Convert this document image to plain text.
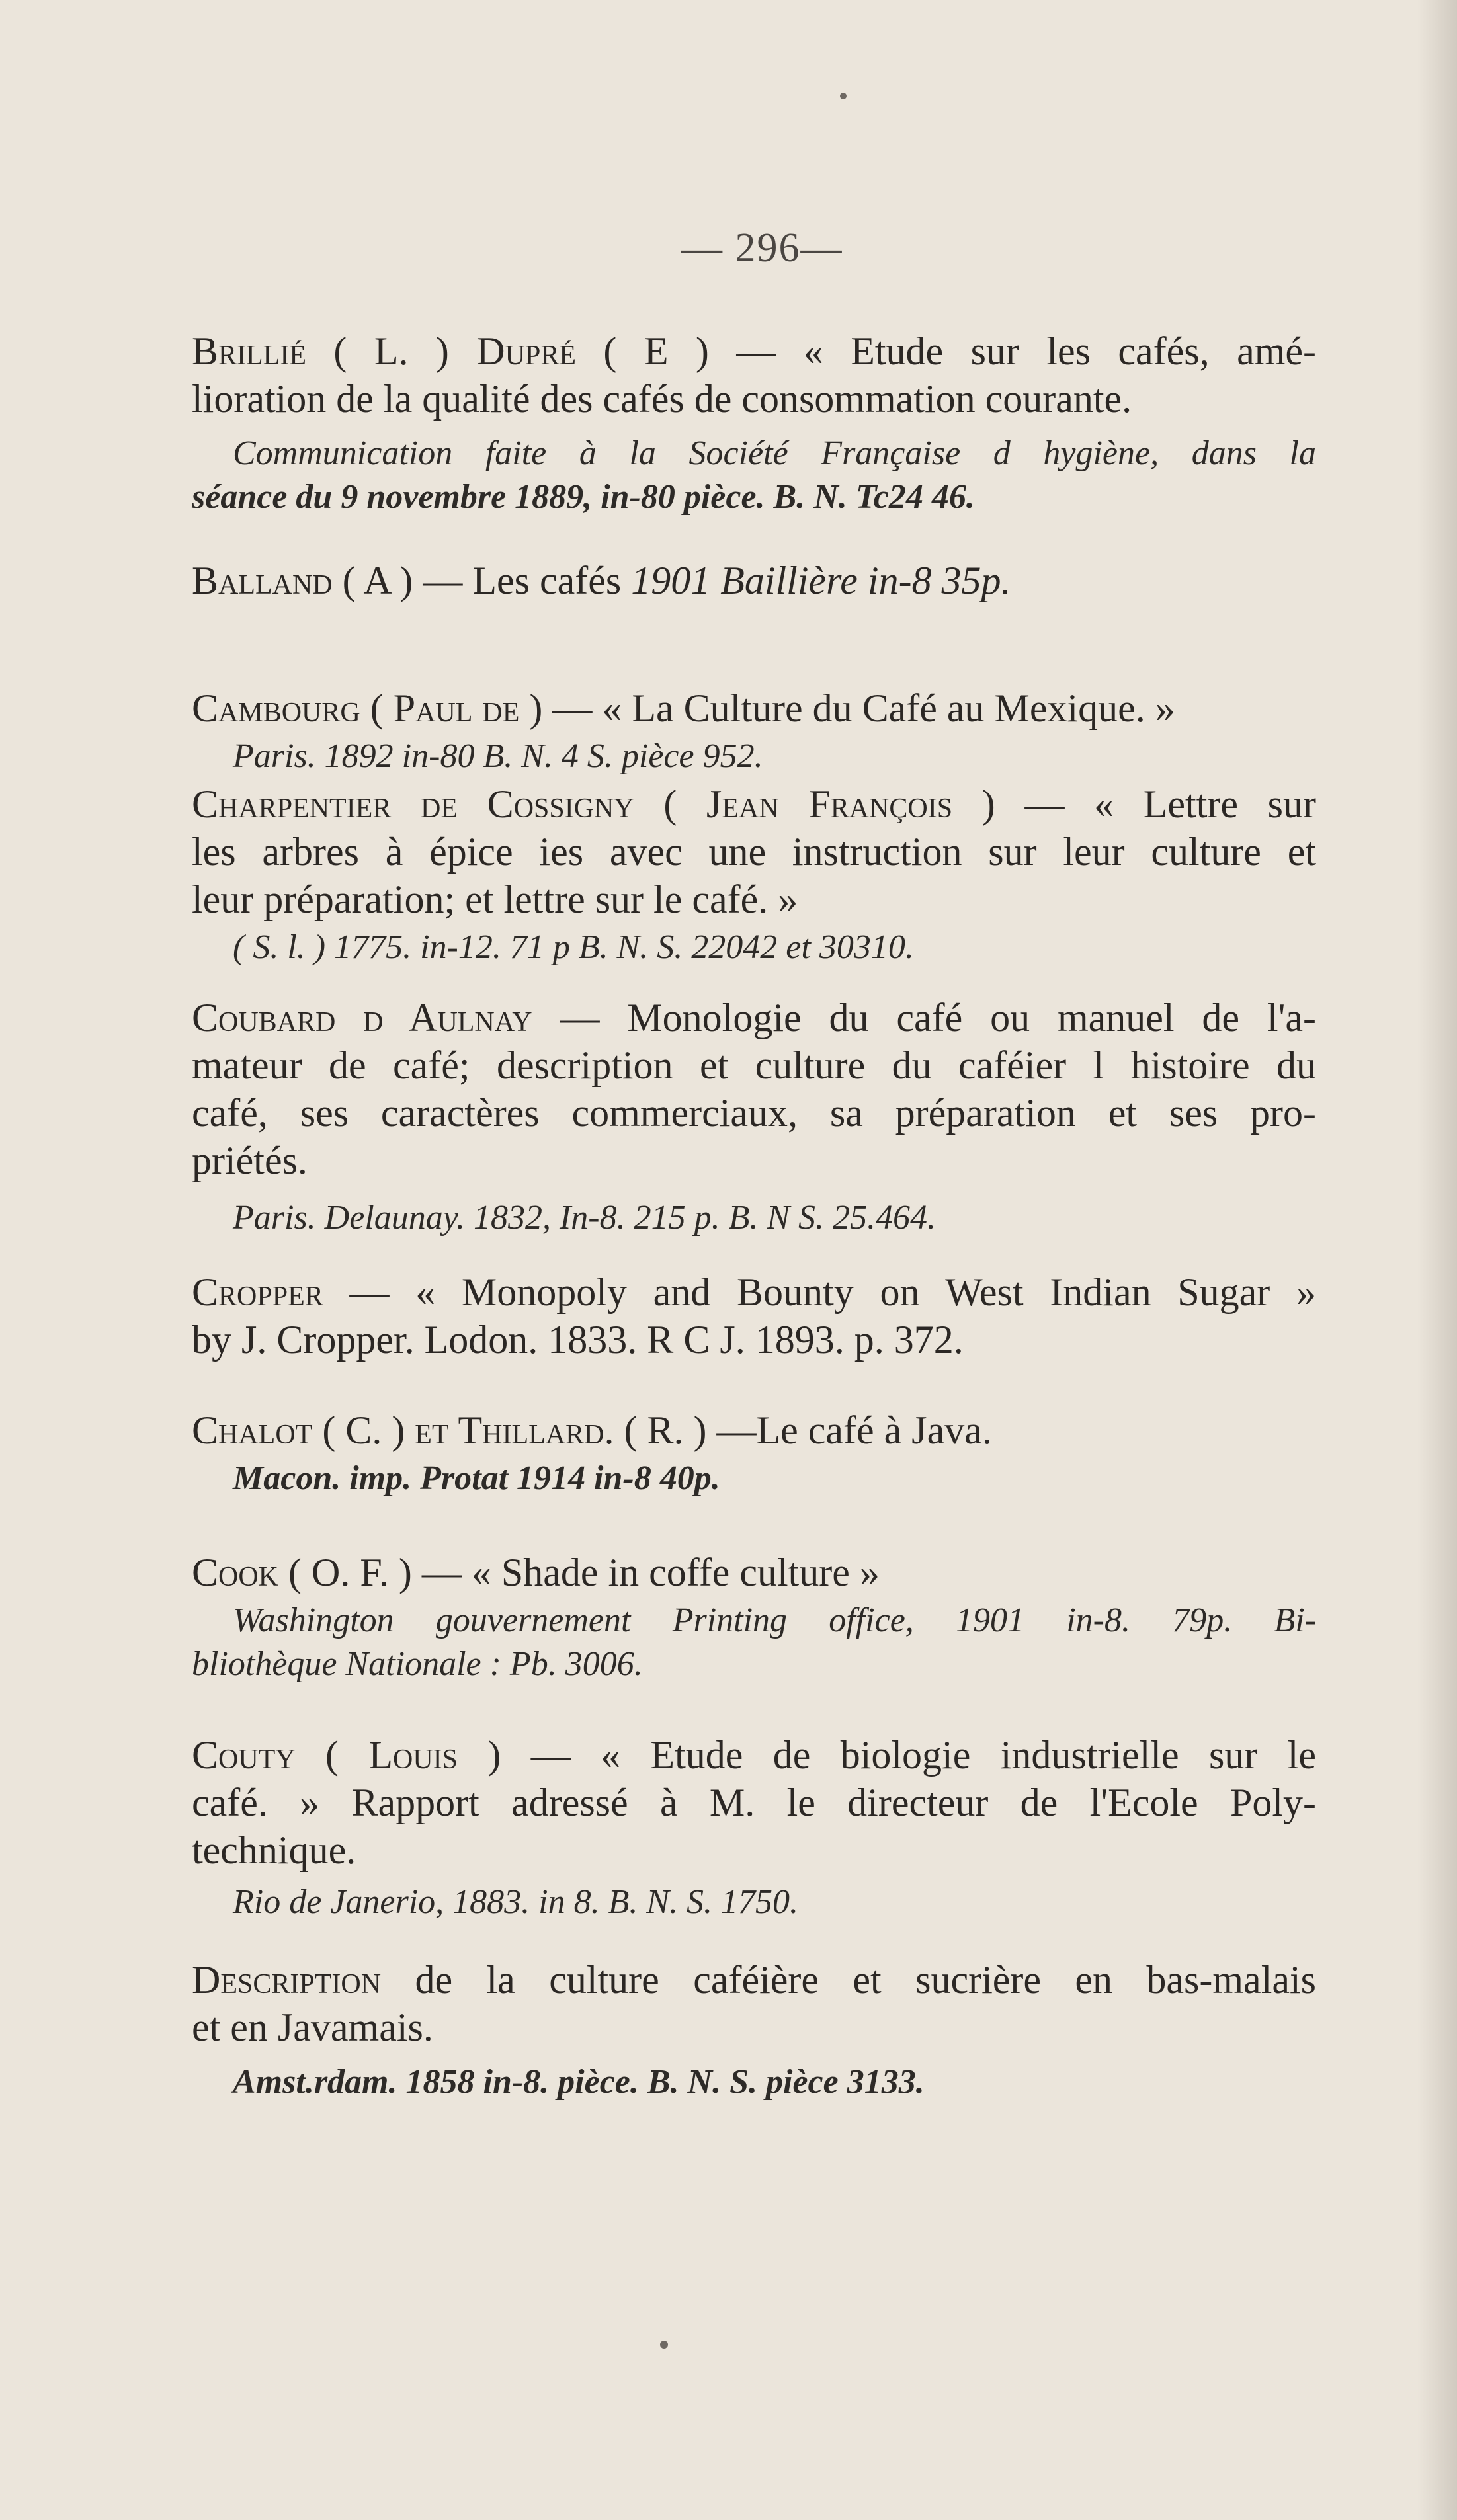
— 296—
Brillié ( L. ) Dupré ( E ) — « Etude sur les cafés, amé-
lioration de la qualité des cafés de consommation courante.
Communication faite à la Société Française d hygiène, dans la
séance du 9 novembre 1889, in-80 pièce. B. N. Tc24 46.
Balland ( A ) — Les cafés 1901 Baillière in-8 35p.
Cambourg ( Paul de ) — « La Culture du Café au Mexique. »
Paris. 1892 in-80 B. N. 4 S. pièce 952.
Charpentier de Cossigny ( Jean François ) — « Lettre sur
les arbres à épice ies avec une instruction sur leur culture et
leur préparation; et lettre sur le café. »
( S. l. ) 1775. in-12. 71 p B. N. S. 22042 et 30310.
Coubard d Aulnay — Monologie du café ou manuel de l'a-
mateur de café; description et culture du caféier l histoire du
café, ses caractères commerciaux, sa préparation et ses pro-
priétés.
Paris. Delaunay. 1832, In-8. 215 p. B. N S. 25.464.
Cropper — « Monopoly and Bounty on West Indian Sugar »
by J. Cropper. Lodon. 1833. R C J. 1893. p. 372.
Chalot ( C. ) et Thillard. ( R. ) —Le café à Java.
Macon. imp. Protat 1914 in-8 40p.
Cook ( O. F. ) — « Shade in coffe culture »
Washington gouvernement Printing office, 1901 in-8. 79p. Bi-
bliothèque Nationale : Pb. 3006.
Couty ( Louis ) — « Etude de biologie industrielle sur le
café. » Rapport adressé à M. le directeur de l'Ecole Poly-
technique.
Rio de Janerio, 1883. in 8. B. N. S. 1750.
Description de la culture caféière et sucrière en bas-malais
et en Javamais.
Amst.rdam. 1858 in-8. pièce. B. N. S. pièce 3133.
